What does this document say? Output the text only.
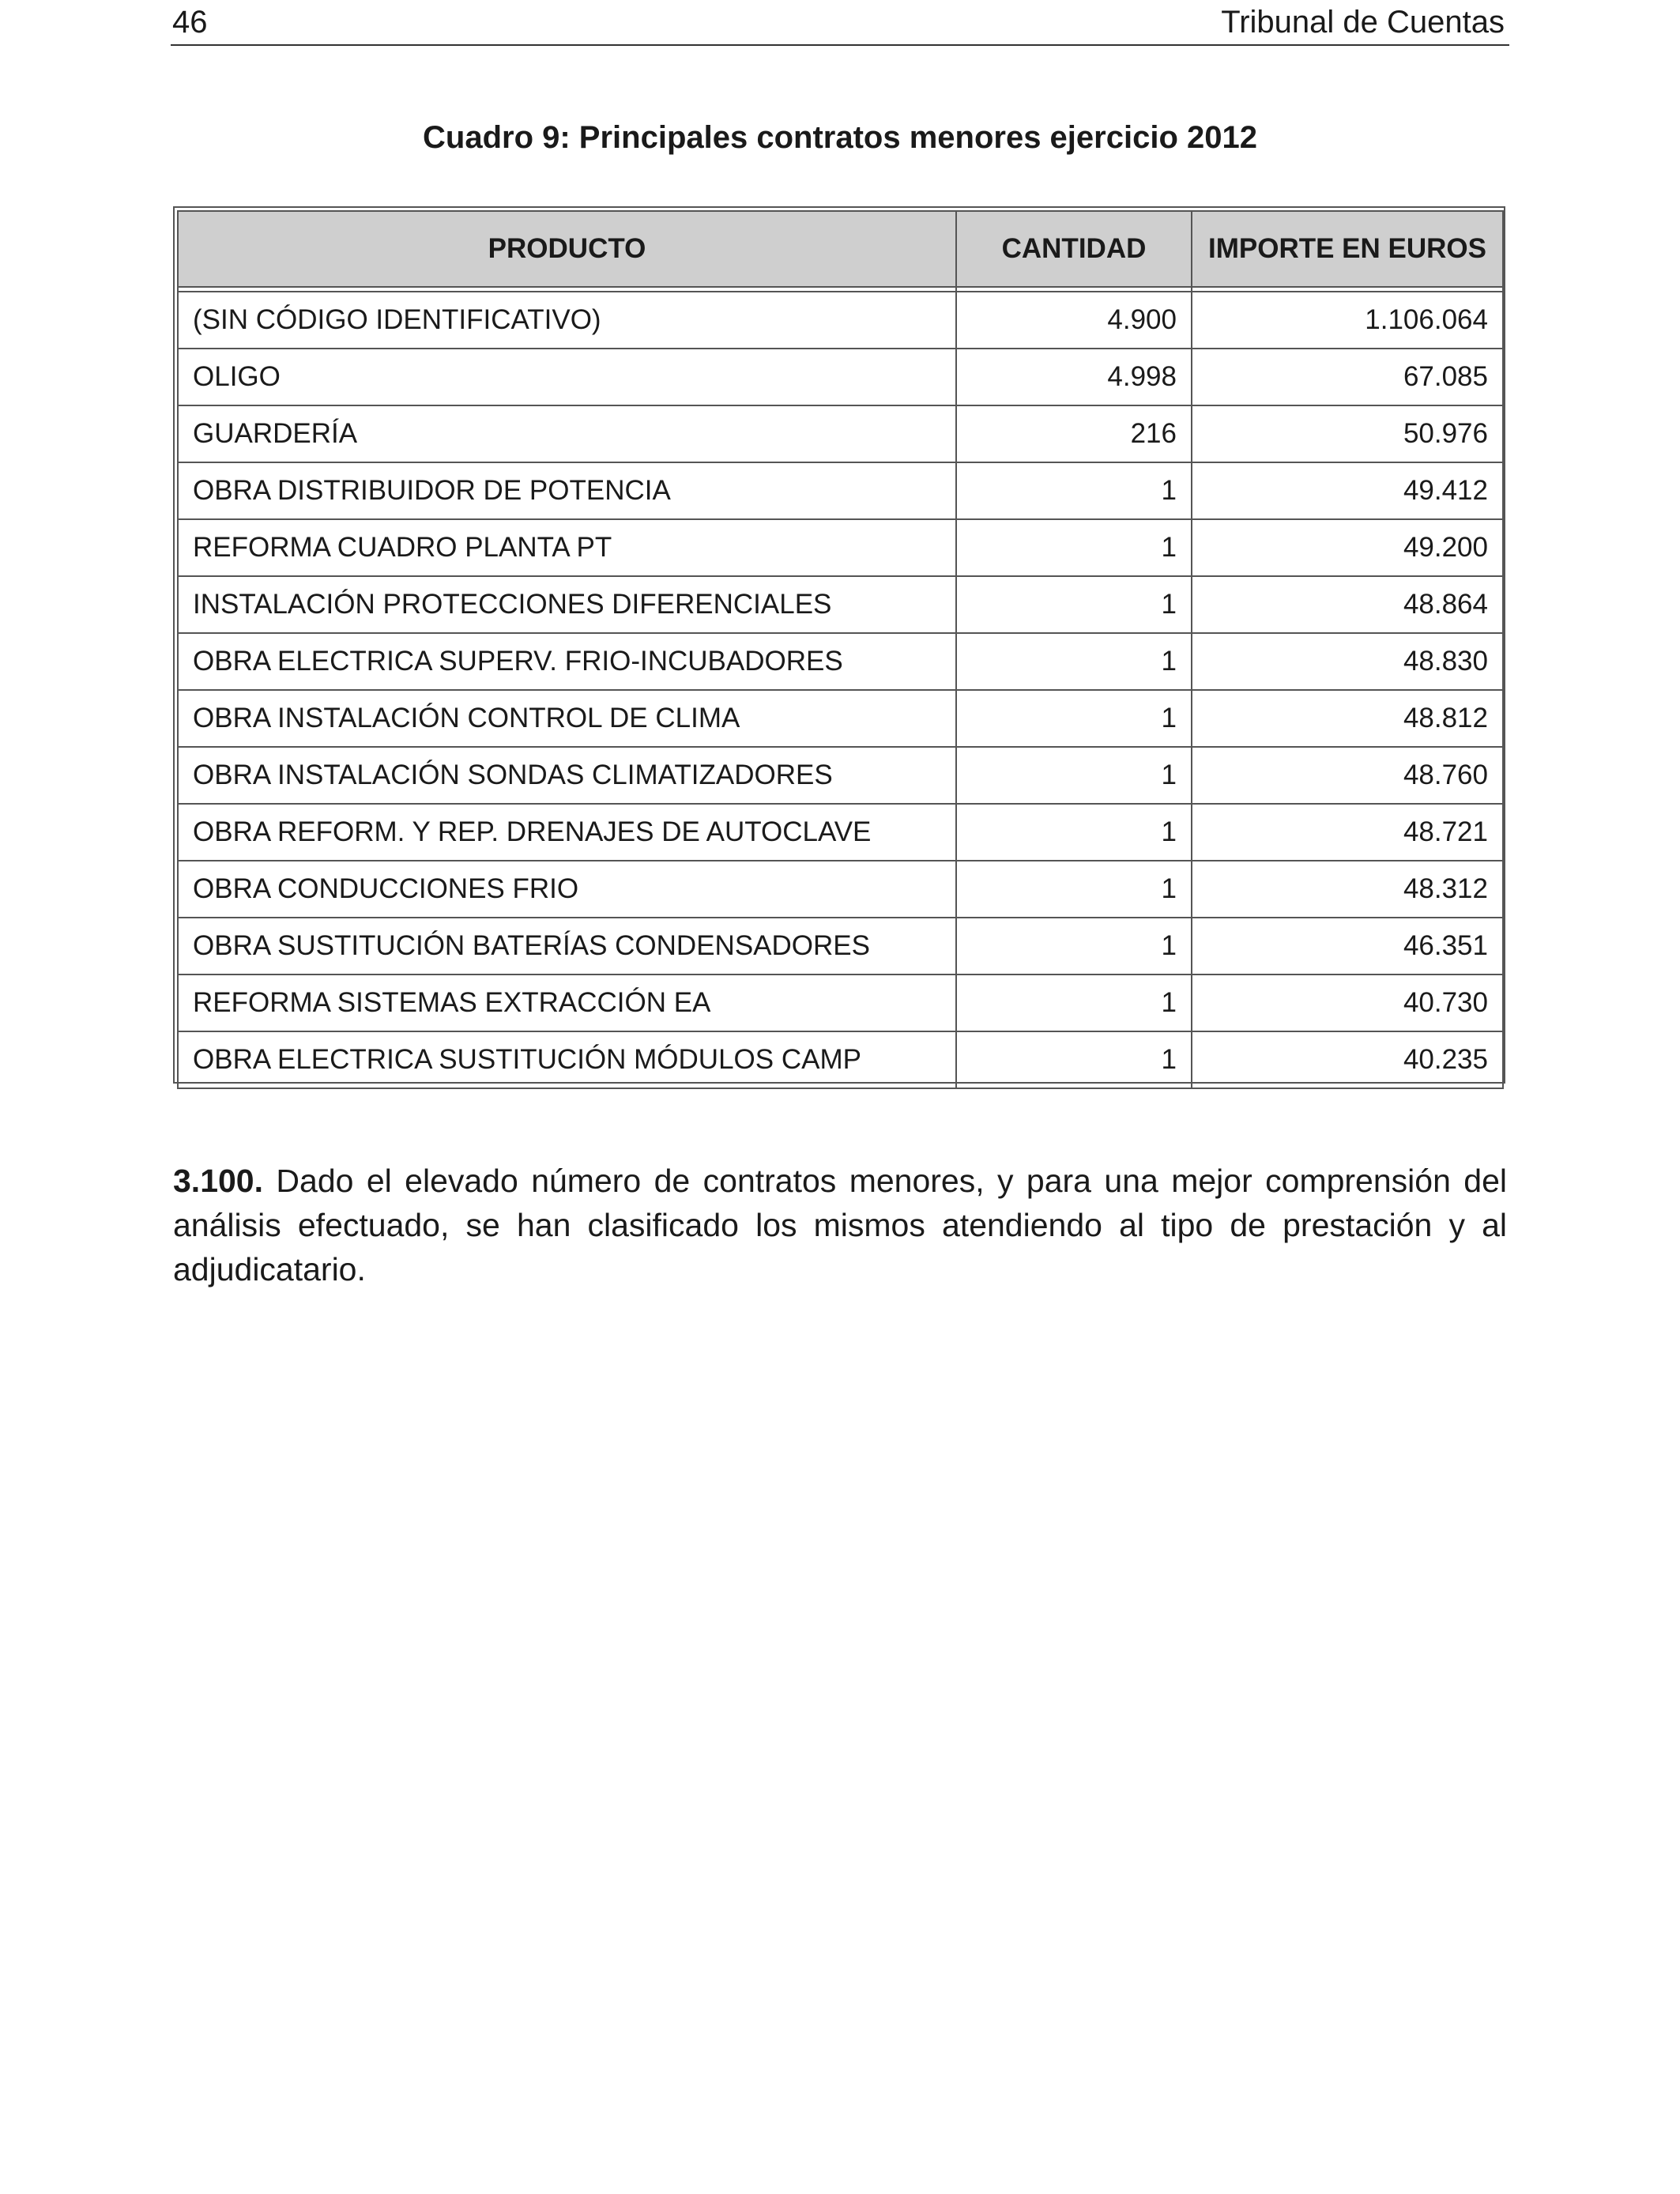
46	Tribunal de Cuentas
Cuadro 9: Principales contratos menores ejercicio 2012
PRODUCTO	CANTIDAD	IMPORTE EN EUROS

(SIN CÓDIGO IDENTIFICATIVO)	4.900	1.106.064
OLIGO	4.998	67.085
GUARDERÍA	216	50.976
OBRA DISTRIBUIDOR DE POTENCIA	1	49.412
REFORMA CUADRO PLANTA PT	1	49.200
INSTALACIÓN PROTECCIONES DIFERENCIALES	1	48.864
OBRA ELECTRICA SUPERV. FRIO-INCUBADORES	1	48.830
OBRA INSTALACIÓN CONTROL DE CLIMA	1	48.812
OBRA INSTALACIÓN SONDAS CLIMATIZADORES	1	48.760
OBRA REFORM. Y REP. DRENAJES DE AUTOCLAVE	1	48.721
OBRA CONDUCCIONES FRIO	1	48.312
OBRA SUSTITUCIÓN BATERÍAS CONDENSADORES	1	46.351
REFORMA SISTEMAS EXTRACCIÓN EA	1	40.730
OBRA ELECTRICA SUSTITUCIÓN MÓDULOS CAMP	1	40.235
3.100. Dado el elevado número de contratos menores, y para una mejor comprensión del análisis efectuado, se han clasificado los mismos atendiendo al tipo de prestación y al adjudicatario.
